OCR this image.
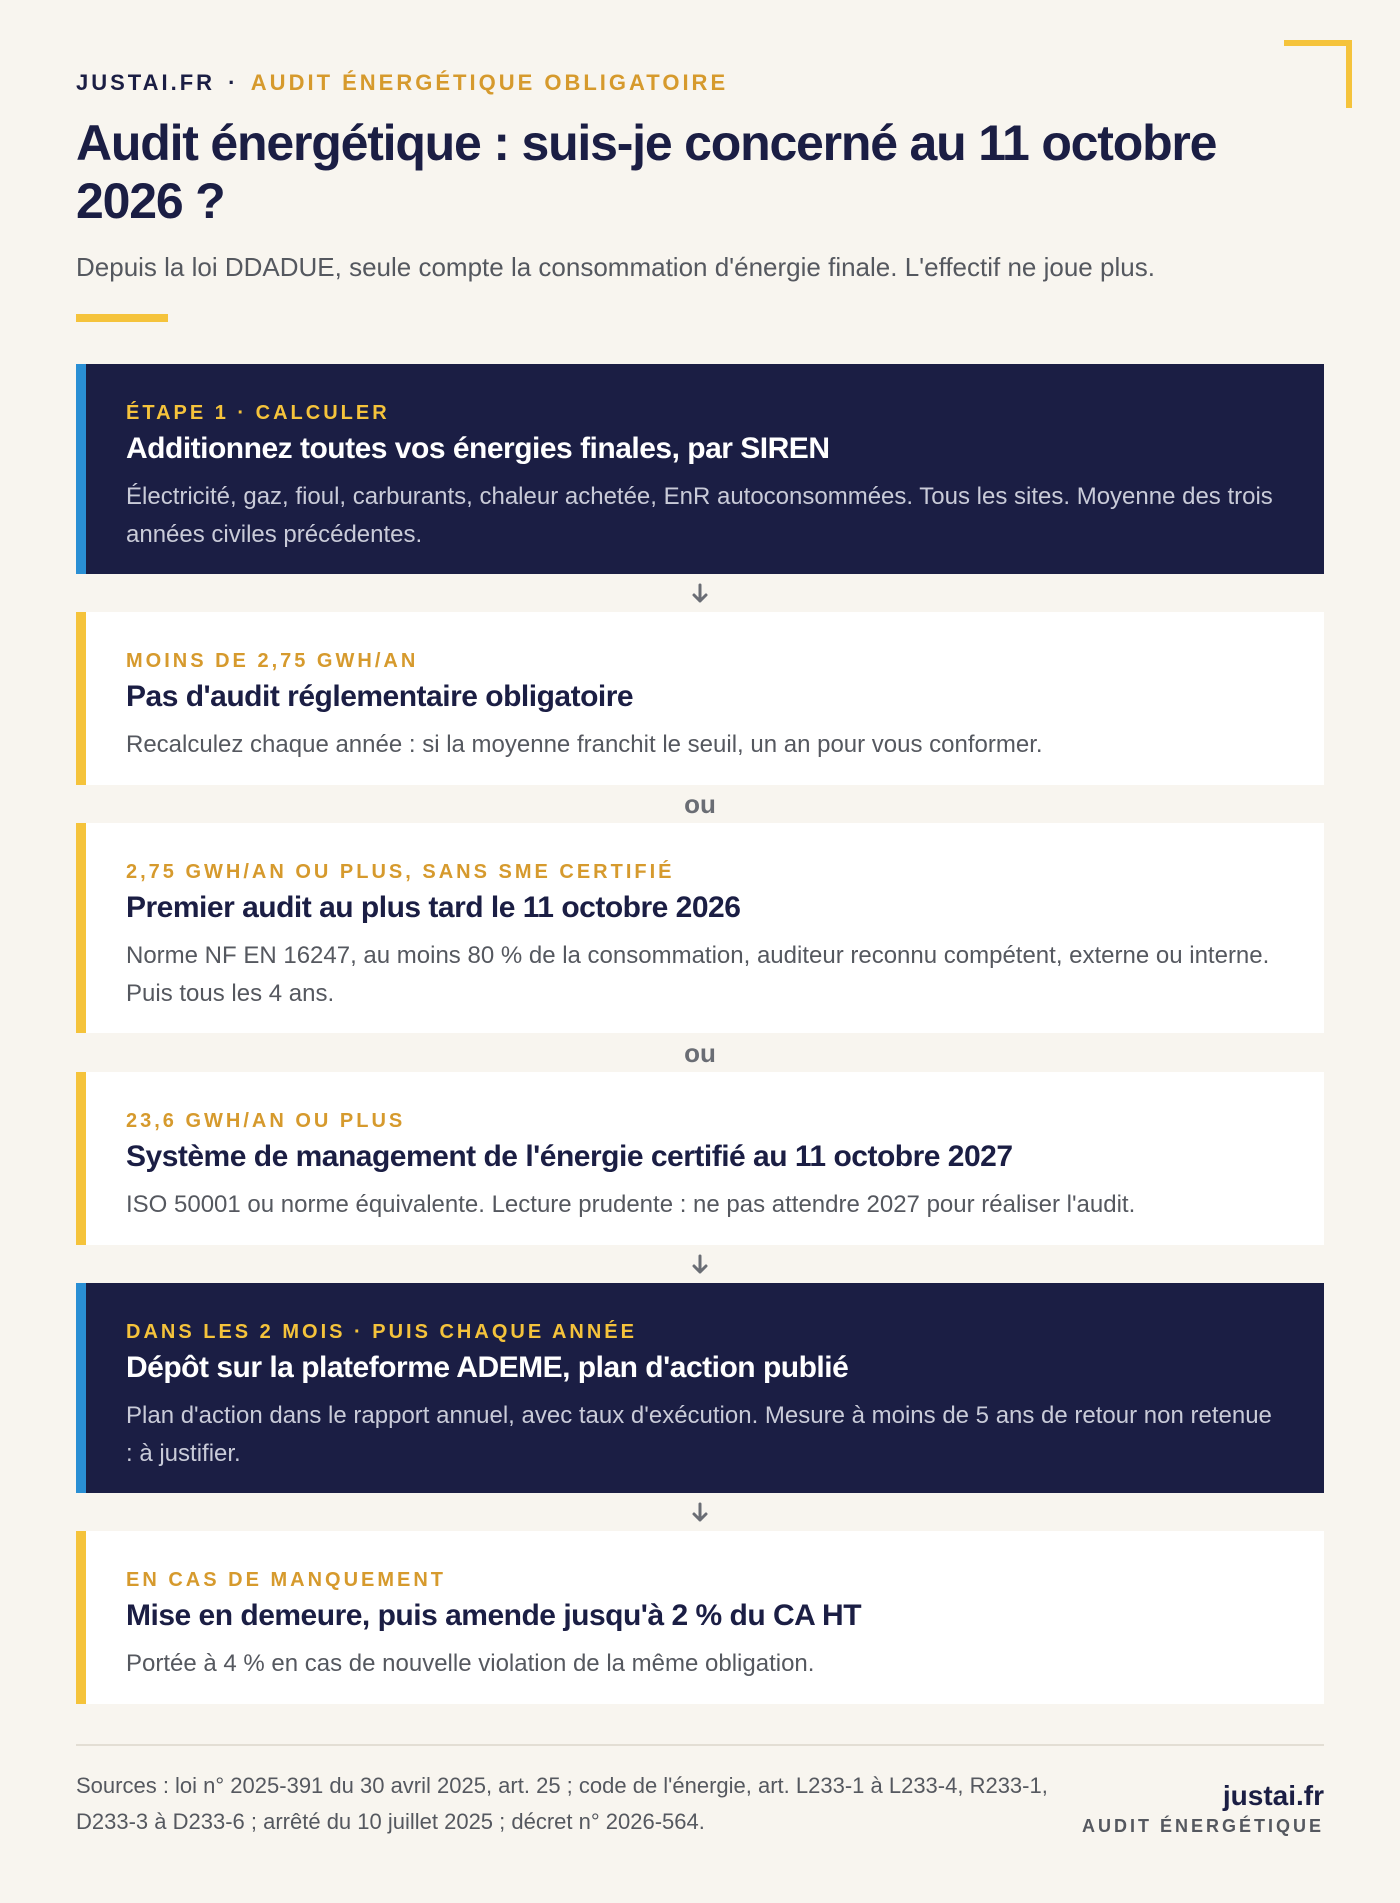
JUSTAI.FR · AUDIT ÉNERGÉTIQUE OBLIGATOIRE
Audit énergétique : suis-je concerné au 11 octobre 2026 ?
Depuis la loi DDADUE, seule compte la consommation d'énergie finale. L'effectif ne joue plus.
ÉTAPE 1 · CALCULER
Additionnez toutes vos énergies finales, par SIREN
Électricité, gaz, fioul, carburants, chaleur achetée, EnR autoconsommées. Tous les sites. Moyenne des trois années civiles précédentes.
MOINS DE 2,75 GWH/AN
Pas d'audit réglementaire obligatoire
Recalculez chaque année : si la moyenne franchit le seuil, un an pour vous conformer.
ou
2,75 GWH/AN OU PLUS, SANS SME CERTIFIÉ
Premier audit au plus tard le 11 octobre 2026
Norme NF EN 16247, au moins 80 % de la consommation, auditeur reconnu compétent, externe ou interne. Puis tous les 4 ans.
ou
23,6 GWH/AN OU PLUS
Système de management de l'énergie certifié au 11 octobre 2027
ISO 50001 ou norme équivalente. Lecture prudente : ne pas attendre 2027 pour réaliser l'audit.
DANS LES 2 MOIS · PUIS CHAQUE ANNÉE
Dépôt sur la plateforme ADEME, plan d'action publié
Plan d'action dans le rapport annuel, avec taux d'exécution. Mesure à moins de 5 ans de retour non retenue : à justifier.
EN CAS DE MANQUEMENT
Mise en demeure, puis amende jusqu'à 2 % du CA HT
Portée à 4 % en cas de nouvelle violation de la même obligation.
Sources : loi n° 2025-391 du 30 avril 2025, art. 25 ; code de l'énergie, art. L233-1 à L233-4, R233-1, D233-3 à D233-6 ; arrêté du 10 juillet 2025 ; décret n° 2026-564.
justai.fr
AUDIT ÉNERGÉTIQUE
